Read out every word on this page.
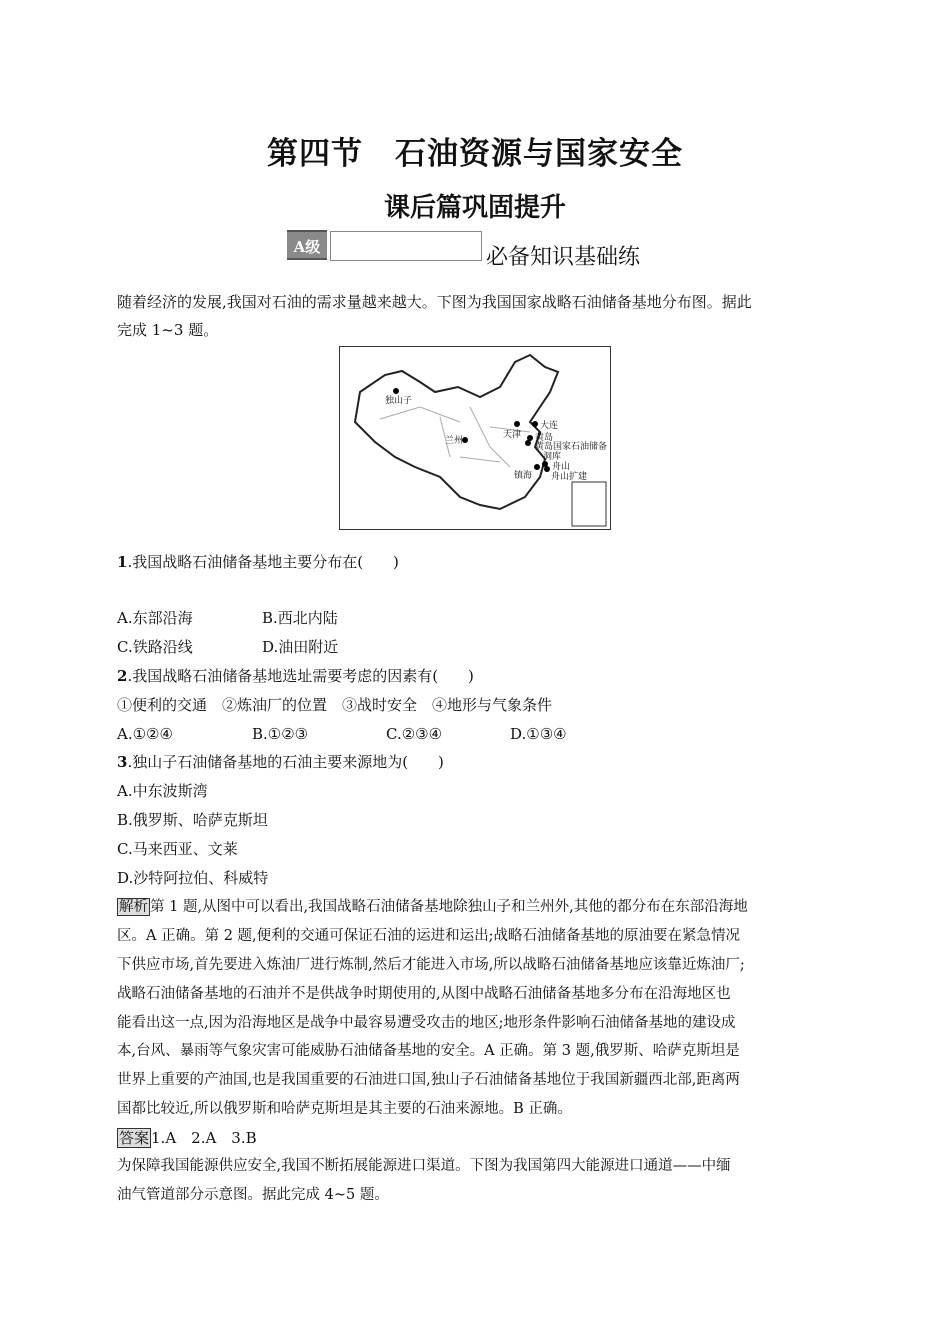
第四节　石油资源与国家安全
课后篇巩固提升
A级	必备知识基础练
随着经济的发展,我国对石油的需求量越来越大。下图为我国国家战略石油储备基地分布图。据此
完成 1~3 题。
独山子
兰州
天津
大连
黄岛
黄岛国家石油储备
洞库
镇海
舟山
舟山扩建
1.我国战略石油储备基地主要分布在(　　)
A.东部沿海	B.西北内陆
C.铁路沿线	D.油田附近
2.我国战略石油储备基地选址需要考虑的因素有(　　)
①便利的交通　②炼油厂的位置　③战时安全　④地形与气象条件
A.①②④	B.①②③	C.②③④	D.①③④
3.独山子石油储备基地的石油主要来源地为(　　)
A.中东波斯湾
B.俄罗斯、哈萨克斯坦
C.马来西亚、文莱
D.沙特阿拉伯、科威特
解析 第 1 题,从图中可以看出,我国战略石油储备基地除独山子和兰州外,其他的都分布在东部沿海地
区。A 正确。第 2 题,便利的交通可保证石油的运进和运出;战略石油储备基地的原油要在紧急情况
下供应市场,首先要进入炼油厂进行炼制,然后才能进入市场,所以战略石油储备基地应该靠近炼油厂;
战略石油储备基地的石油并不是供战争时期使用的,从图中战略石油储备基地多分布在沿海地区也
能看出这一点,因为沿海地区是战争中最容易遭受攻击的地区;地形条件影响石油储备基地的建设成
本,台风、暴雨等气象灾害可能威胁石油储备基地的安全。A 正确。第 3 题,俄罗斯、哈萨克斯坦是
世界上重要的产油国,也是我国重要的石油进口国,独山子石油储备基地位于我国新疆西北部,距离两
国都比较近,所以俄罗斯和哈萨克斯坦是其主要的石油来源地。B 正确。
答案 1.A　2.A　3.B
为保障我国能源供应安全,我国不断拓展能源进口渠道。下图为我国第四大能源进口通道——中缅
油气管道部分示意图。据此完成 4~5 题。
